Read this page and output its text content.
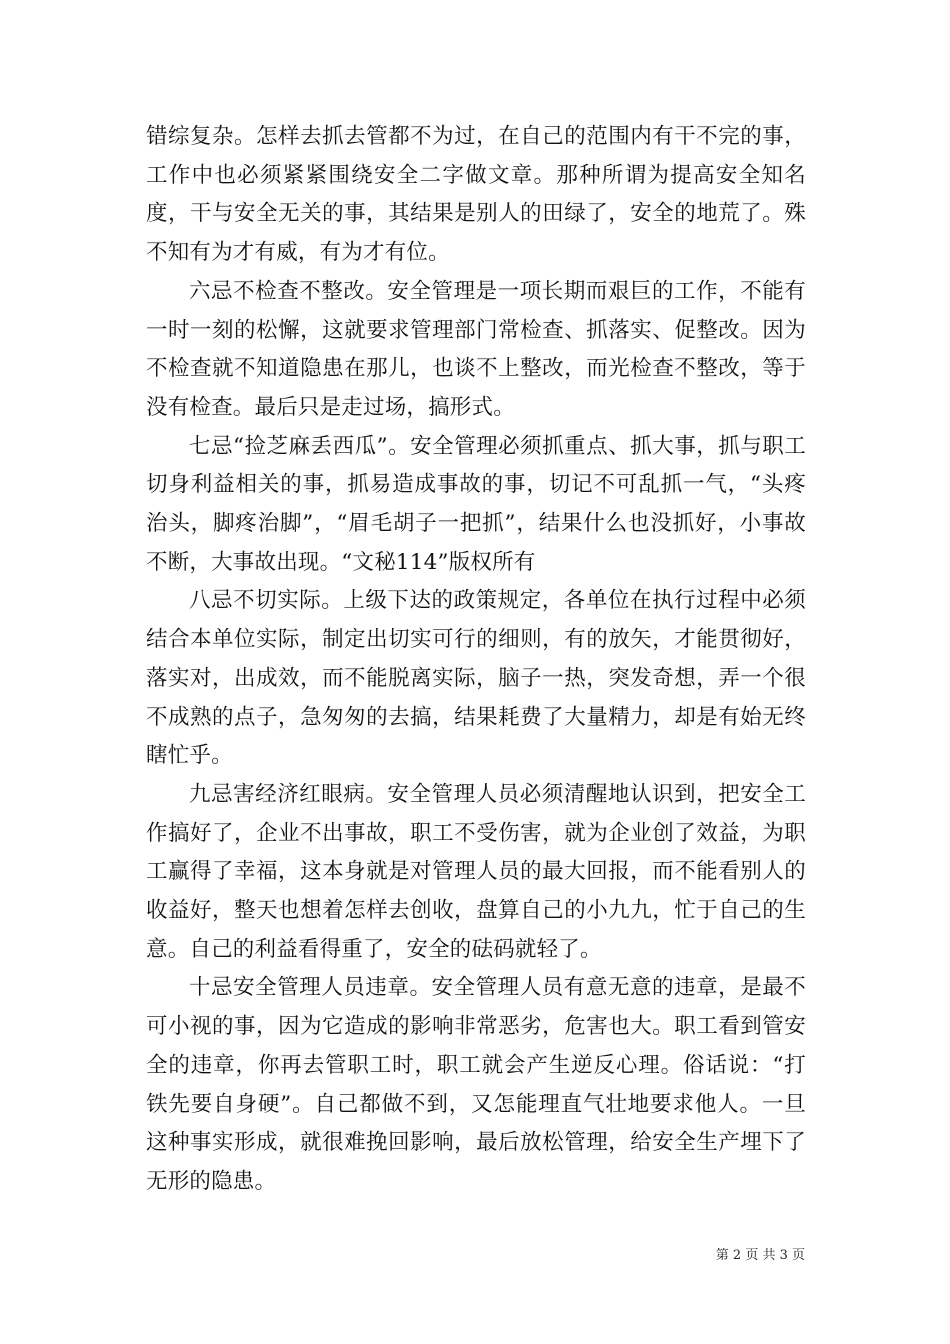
错综复杂。怎样去抓去管都不为过，在自己的范围内有干不完的事，工作中也必须紧紧围绕安全二字做文章。那种所谓为提高安全知名度，干与安全无关的事，其结果是别人的田绿了，安全的地荒了。殊不知有为才有威，有为才有位。

六忌不检查不整改。安全管理是一项长期而艰巨的工作，不能有一时一刻的松懈，这就要求管理部门常检查、抓落实、促整改。因为不检查就不知道隐患在那儿，也谈不上整改，而光检查不整改，等于没有检查。最后只是走过场，搞形式。

七忌“捡芝麻丢西瓜”。安全管理必须抓重点、抓大事，抓与职工切身利益相关的事，抓易造成事故的事，切记不可乱抓一气，“头疼治头，脚疼治脚”，“眉毛胡子一把抓”，结果什么也没抓好，小事故不断，大事故出现。“文秘114”版权所有

八忌不切实际。上级下达的政策规定，各单位在执行过程中必须结合本单位实际，制定出切实可行的细则，有的放矢，才能贯彻好，落实对，出成效，而不能脱离实际，脑子一热，突发奇想，弄一个很不成熟的点子，急匆匆的去搞，结果耗费了大量精力，却是有始无终瞎忙乎。

九忌害经济红眼病。安全管理人员必须清醒地认识到，把安全工作搞好了，企业不出事故，职工不受伤害，就为企业创了效益，为职工赢得了幸福，这本身就是对管理人员的最大回报，而不能看别人的收益好，整天也想着怎样去创收，盘算自己的小九九，忙于自己的生意。自己的利益看得重了，安全的砝码就轻了。

十忌安全管理人员违章。安全管理人员有意无意的违章，是最不可小视的事，因为它造成的影响非常恶劣，危害也大。职工看到管安全的违章，你再去管职工时，职工就会产生逆反心理。俗话说：“打铁先要自身硬”。自己都做不到，又怎能理直气壮地要求他人。一旦这种事实形成，就很难挽回影响，最后放松管理，给安全生产埋下了无形的隐患。

第 2 页 共 3 页
